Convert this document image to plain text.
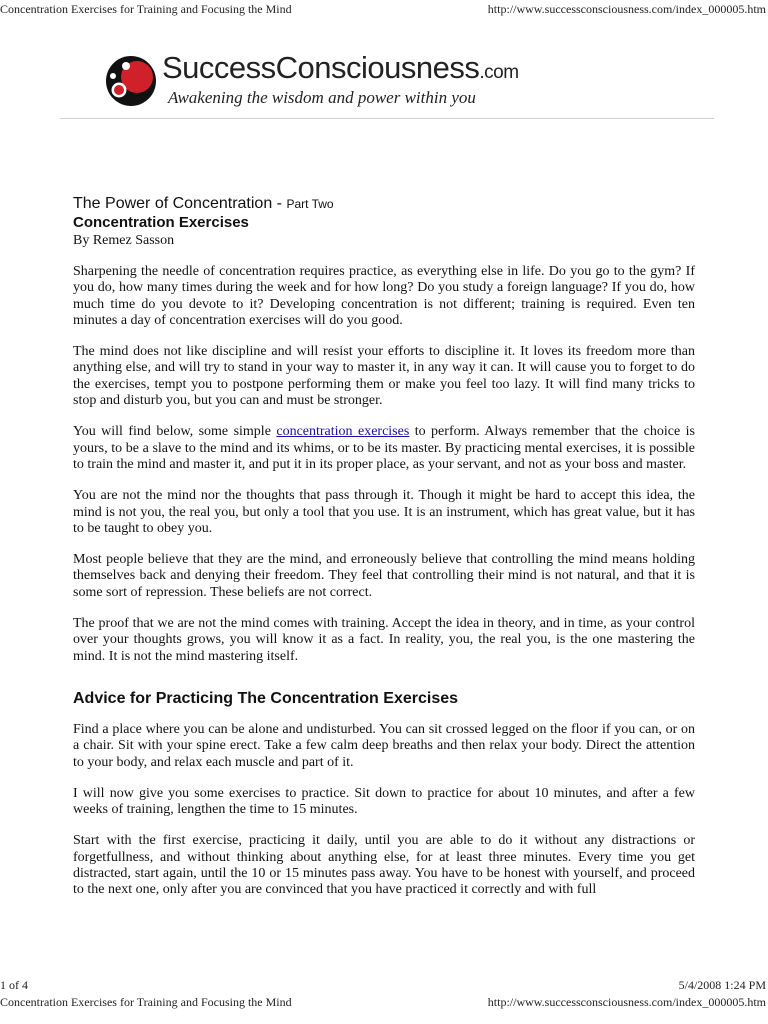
Concentration Exercises for Training and Focusing the Mind	http://www.successconsciousness.com/index_000005.htm
SuccessConsciousness.com
Awakening the wisdom and power within you
The Power of Concentration - Part Two
Concentration Exercises
By Remez Sasson

Sharpening the needle of concentration requires practice, as everything else in life. Do you go to the gym? If you do, how many times during the week and for how long? Do you study a foreign language? If you do, how much time do you devote to it? Developing concentration is not different; training is required. Even ten minutes a day of concentration exercises will do you good.

The mind does not like discipline and will resist your efforts to discipline it. It loves its freedom more than anything else, and will try to stand in your way to master it, in any way it can. It will cause you to forget to do the exercises, tempt you to postpone performing them or make you feel too lazy. It will find many tricks to stop and disturb you, but you can and must be stronger.

You will find below, some simple concentration exercises to perform. Always remember that the choice is yours, to be a slave to the mind and its whims, or to be its master. By practicing mental exercises, it is possible to train the mind and master it, and put it in its proper place, as your servant, and not as your boss and master.

You are not the mind nor the thoughts that pass through it. Though it might be hard to accept this idea, the mind is not you, the real you, but only a tool that you use. It is an instrument, which has great value, but it has to be taught to obey you.

Most people believe that they are the mind, and erroneously believe that controlling the mind means holding themselves back and denying their freedom. They feel that controlling their mind is not natural, and that it is some sort of repression. These beliefs are not correct.

The proof that we are not the mind comes with training. Accept the idea in theory, and in time, as your control over your thoughts grows, you will know it as a fact. In reality, you, the real you, is the one mastering the mind. It is not the mind mastering itself.

Advice for Practicing The Concentration Exercises

Find a place where you can be alone and undisturbed. You can sit crossed legged on the floor if you can, or on a chair. Sit with your spine erect. Take a few calm deep breaths and then relax your body. Direct the attention to your body, and relax each muscle and part of it.

I will now give you some exercises to practice. Sit down to practice for about 10 minutes, and after a few weeks of training, lengthen the time to 15 minutes.

Start with the first exercise, practicing it daily, until you are able to do it without any distractions or forgetfullness, and without thinking about anything else, for at least three minutes. Every time you get distracted, start again, until the 10 or 15 minutes pass away. You have to be honest with yourself, and proceed to the next one, only after you are convinced that you have practiced it correctly and with full

1 of 4	5/4/2008 1:24 PM
Concentration Exercises for Training and Focusing the Mind	http://www.successconsciousness.com/index_000005.htm
